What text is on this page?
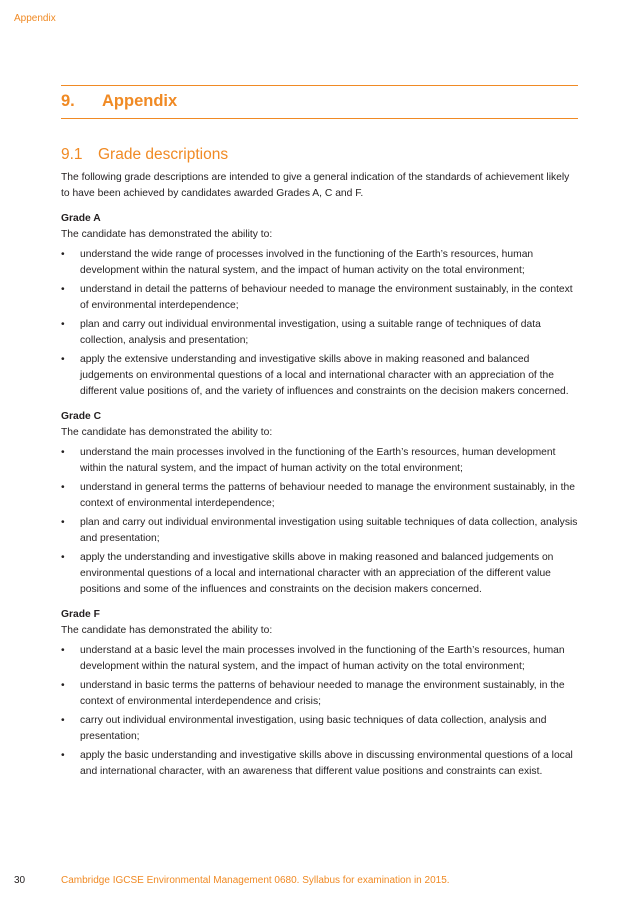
Appendix
9. Appendix
9.1 Grade descriptions

The following grade descriptions are intended to give a general indication of the standards of achievement likely to have been achieved by candidates awarded Grades A, C and F.

Grade A

The candidate has demonstrated the ability to:

• understand the wide range of processes involved in the functioning of the Earth’s resources, human development within the natural system, and the impact of human activity on the total environment;
• understand in detail the patterns of behaviour needed to manage the environment sustainably, in the context of environmental interdependence;
• plan and carry out individual environmental investigation, using a suitable range of techniques of data collection, analysis and presentation;
• apply the extensive understanding and investigative skills above in making reasoned and balanced judgements on environmental questions of a local and international character with an appreciation of the different value positions of, and the variety of influences and constraints on the decision makers concerned.

Grade C

The candidate has demonstrated the ability to:

• understand the main processes involved in the functioning of the Earth’s resources, human development within the natural system, and the impact of human activity on the total environment;
• understand in general terms the patterns of behaviour needed to manage the environment sustainably, in the context of environmental interdependence;
• plan and carry out individual environmental investigation using suitable techniques of data collection, analysis and presentation;
• apply the understanding and investigative skills above in making reasoned and balanced judgements on environmental questions of a local and international character with an appreciation of the different value positions and some of the influences and constraints on the decision makers concerned.

Grade F

The candidate has demonstrated the ability to:

• understand at a basic level the main processes involved in the functioning of the Earth’s resources, human development within the natural system, and the impact of human activity on the total environment;
• understand in basic terms the patterns of behaviour needed to manage the environment sustainably, in the context of environmental interdependence and crisis;
• carry out individual environmental investigation, using basic techniques of data collection, analysis and presentation;
• apply the basic understanding and investigative skills above in discussing environmental questions of a local and international character, with an awareness that different value positions and constraints can exist.
30	Cambridge IGCSE Environmental Management 0680. Syllabus for examination in 2015.
